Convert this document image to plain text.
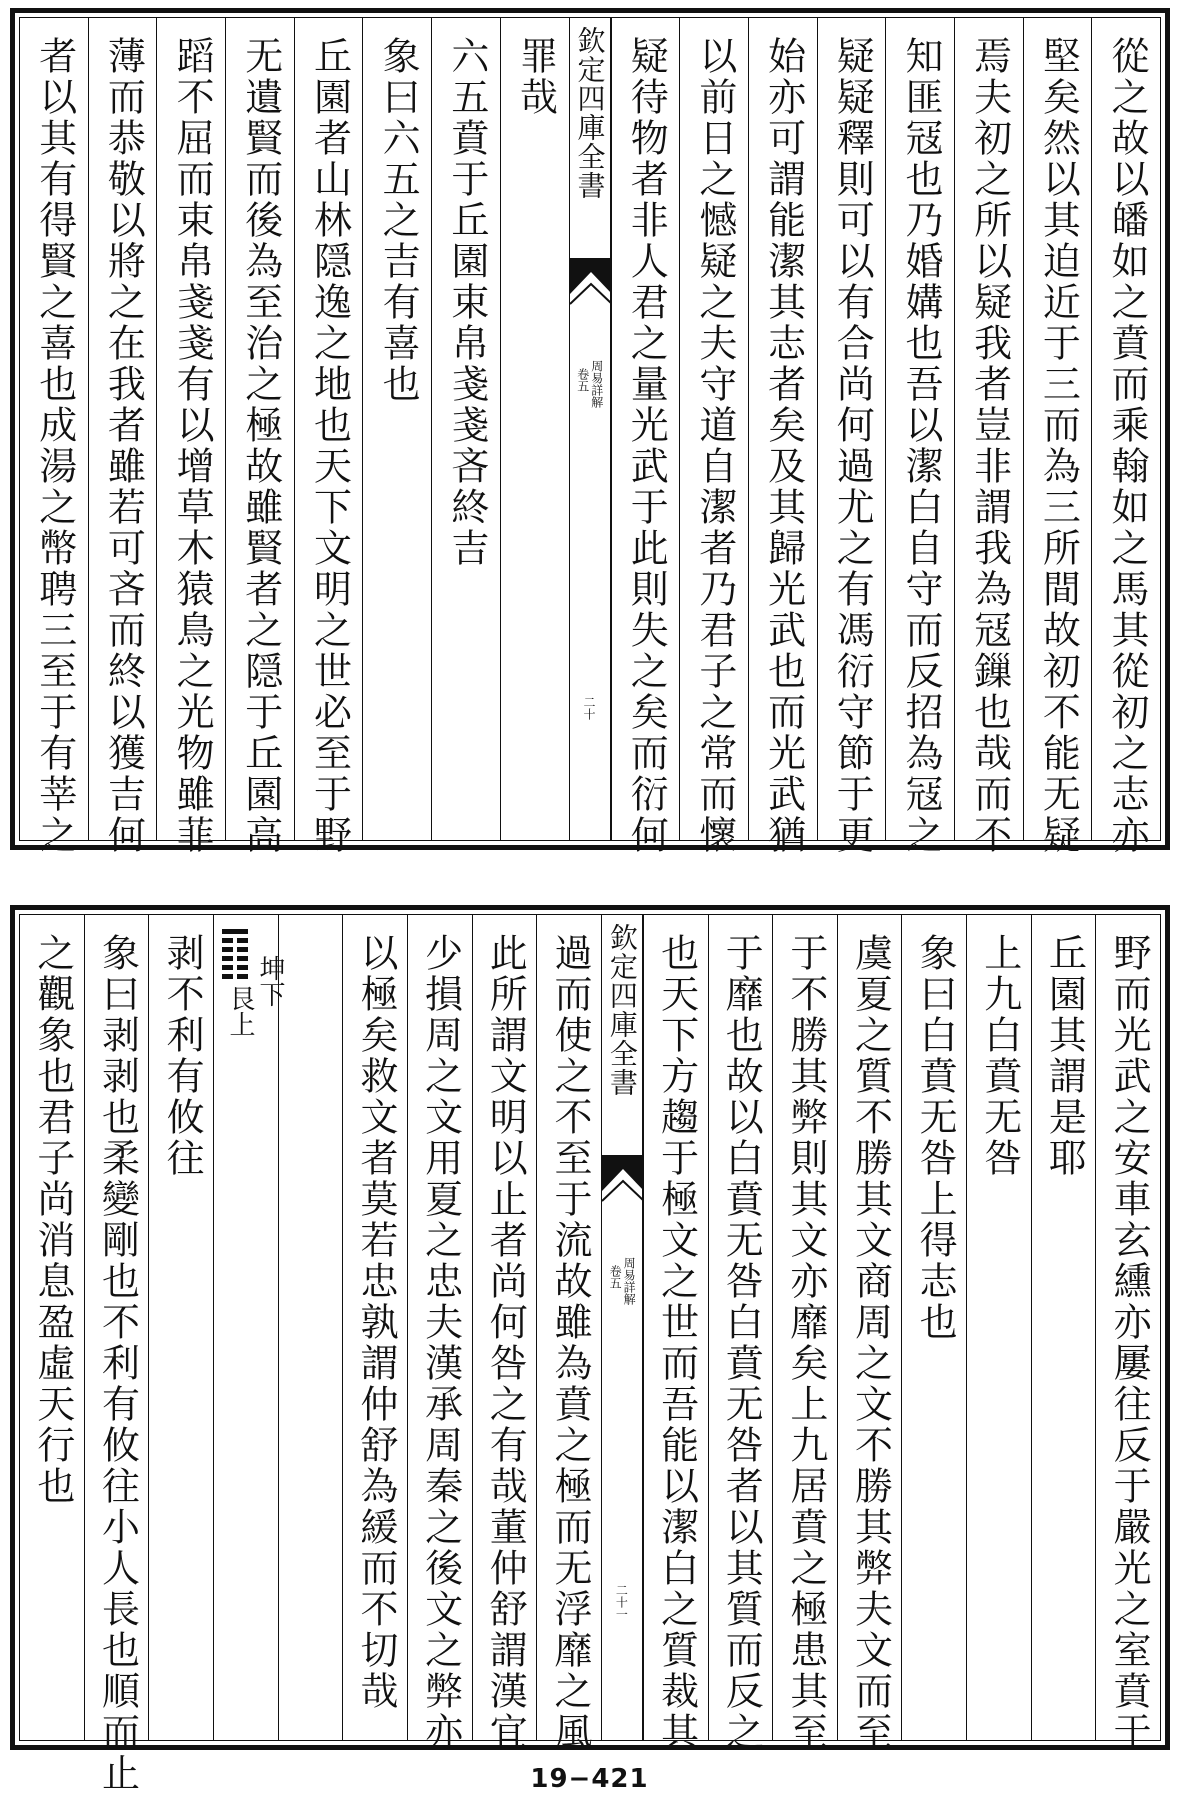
從之故以皤如之賁而乘翰如之馬其從初之志亦
堅矣然以其迫近于三而為三所間故初不能无疑
焉夫初之所以疑我者豈非謂我為冦鏁也哉而不
知匪冦也乃婚媾也吾以潔白自守而反招為冦之
疑疑釋則可以有合尚何過尤之有馮衍守節于更
始亦可謂能潔其志者矣及其歸光武也而光武猶
以前日之憾疑之夫守道自潔者乃君子之常而懷
疑待物者非人君之量光武于此則失之矣而衍何
欽定四庫全書
周易詳解
卷五
二十
罪哉
六五賁于丘園束帛戔戔吝終吉
象曰六五之吉有喜也
丘園者山林隠逸之地也天下文明之世必至于野
无遺賢而後為至治之極故雖賢者之隠于丘園高
蹈不屈而束帛戔戔有以增草木猿鳥之光物雖菲
薄而恭敬以將之在我者雖若可吝而終以獲吉何
者以其有得賢之喜也成湯之幣聘三至于有莘之
野而光武之安車玄纁亦屢往反于嚴光之室賁于
丘園其謂是耶
上九白賁无咎
象曰白賁无咎上得志也
虞夏之質不勝其文商周之文不勝其弊夫文而至
于不勝其弊則其文亦靡矣上九居賁之極患其至
于靡也故以白賁无咎白賁无咎者以其質而反之
也天下方趨于極文之世而吾能以潔白之質裁其
欽定四庫全書
周易詳解
卷五
二十一
過而使之不至于流故雖為賁之極而无浮靡之風
此所謂文明以止者尚何咎之有哉董仲舒謂漢宜
少損周之文用夏之忠夫漢承周秦之後文之弊亦
以極矣救文者莫若忠孰謂仲舒為緩而不切哉
坤下
艮上
剥不利有攸往
象曰剥剥也柔變剛也不利有攸往小人長也順而止
之觀象也君子尚消息盈虛天行也
19−421
